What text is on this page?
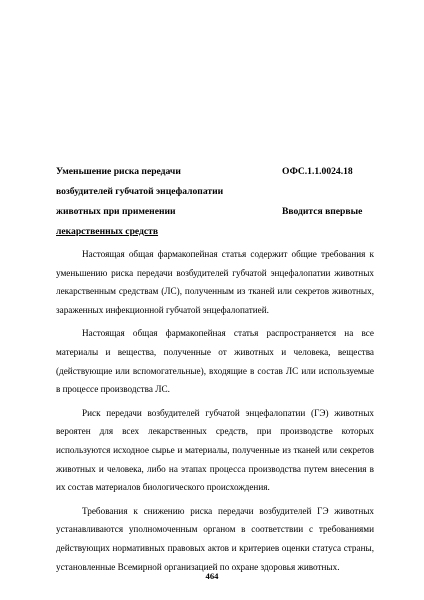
Уменьшение риска передачи	ОФС.1.1.0024.18
возбудителей губчатой энцефалопатии
животных при применении	Вводится впервые
лекарственных средств

Настоящая общая фармакопейная статья содержит общие требования к уменьшению риска передачи возбудителей губчатой энцефалопатии животных лекарственным средствам (ЛС), полученным из тканей или секретов животных, зараженных инфекционной губчатой энцефалопатией.

Настоящая общая фармакопейная статья распространяется на все материалы и вещества, полученные от животных и человека, вещества (действующие или вспомогательные), входящие в состав ЛС или используемые в процессе производства ЛС.

Риск передачи возбудителей губчатой энцефалопатии (ГЭ) животных вероятен для всех лекарственных средств, при производстве которых используются исходное сырье и материалы, полученные из тканей или секретов животных и человека, либо на этапах процесса производства путем внесения в их состав материалов биологического происхождения.

Требования к снижению риска передачи возбудителей ГЭ животных устанавливаются уполномоченным органом в соответствии с требованиями действующих нормативных правовых актов и критериев оценки статуса страны, установленные Всемирной организацией по охране здоровья животных.

464
